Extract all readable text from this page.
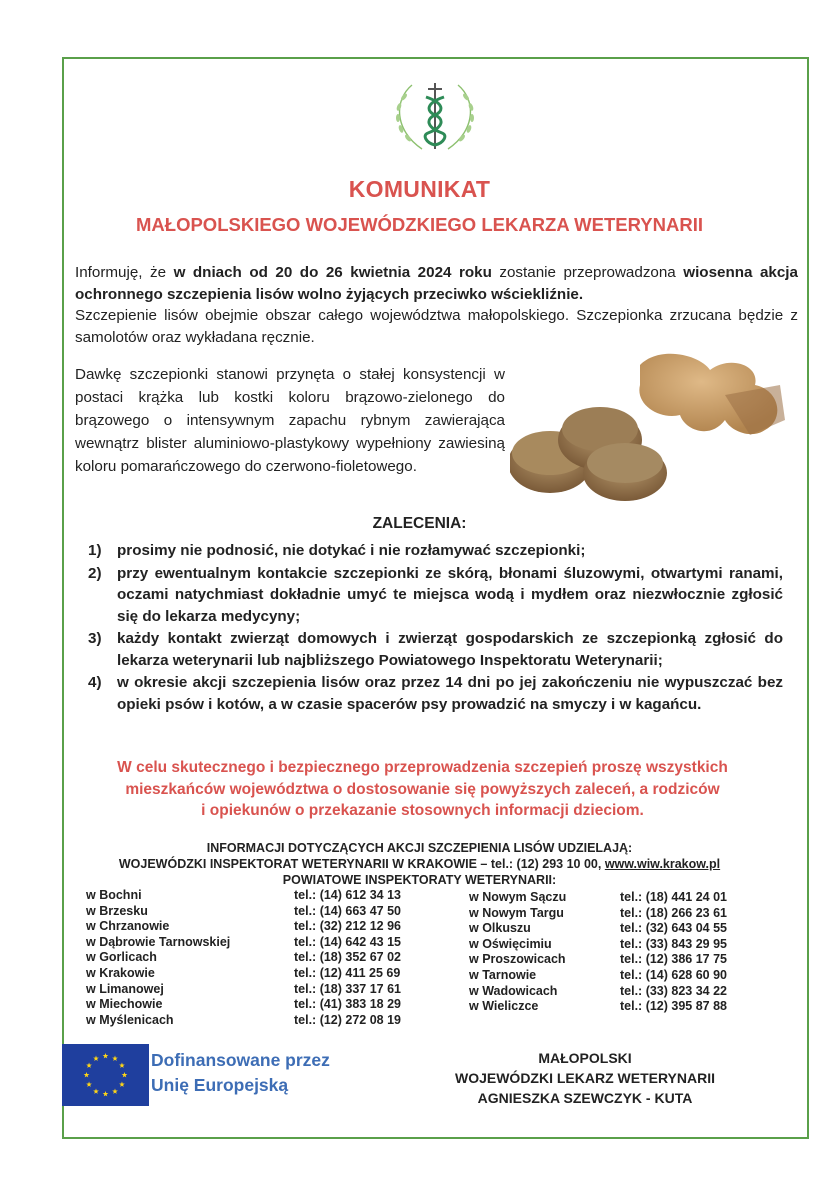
KOMUNIKAT
MAŁOPOLSKIEGO WOJEWÓDZKIEGO LEKARZA WETERYNARII

Informuję, że w dniach od 20 do 26 kwietnia 2024 roku zostanie przeprowadzona wiosenna akcja ochronnego szczepienia lisów wolno żyjących przeciwko wściekliźnie.

Szczepienie lisów obejmie obszar całego województwa małopolskiego. Szczepionka zrzucana będzie z samolotów oraz wykładana ręcznie.

Dawkę szczepionki stanowi przynęta o stałej konsystencji w postaci krążka lub kostki koloru brązowo-zielonego do brązowego o intensywnym zapachu rybnym zawierająca wewnątrz blister aluminiowo-plastykowy wypełniony zawiesiną koloru pomarańczowego do czerwono-fioletowego.

ZALECENIA:
1)	prosimy nie podnosić, nie dotykać i nie rozłamywać szczepionki;
2)	przy ewentualnym kontakcie szczepionki ze skórą, błonami śluzowymi, otwartymi ranami, oczami natychmiast dokładnie umyć te miejsca wodą i mydłem oraz niezwłocznie zgłosić się do lekarza medycyny;
3)	każdy kontakt zwierząt domowych i zwierząt gospodarskich ze szczepionką zgłosić do lekarza weterynarii lub najbliższego Powiatowego Inspektoratu Weterynarii;
4)	w okresie akcji szczepienia lisów oraz przez 14 dni po jej zakończeniu nie wypuszczać bez opieki psów i kotów, a w czasie spacerów psy prowadzić na smyczy i w kagańcu.

W celu skutecznego i bezpiecznego przeprowadzenia szczepień proszę wszystkich
mieszkańców województwa o dostosowanie się powyższych zaleceń, a rodziców
i opiekunów o przekazanie stosownych informacji dzieciom.

INFORMACJI DOTYCZĄCYCH AKCJI SZCZEPIENIA LISÓW UDZIELAJĄ:
WOJEWÓDZKI INSPEKTORAT WETERYNARII W KRAKOWIE – tel.: (12) 293 10 00, www.wiw.krakow.pl
POWIATOWE INSPEKTORATY WETERYNARII:
w Bochni	tel.: (14) 612 34 13
w Brzesku	tel.: (14) 663 47 50
w Chrzanowie	tel.: (32) 212 12 96
w Dąbrowie Tarnowskiej	tel.: (14) 642 43 15
w Gorlicach	tel.: (18) 352 67 02
w Krakowie	tel.: (12) 411 25 69
w Limanowej	tel.: (18) 337 17 61
w Miechowie	tel.: (41) 383 18 29
w Myślenicach	tel.: (12) 272 08 19
w Nowym Sączu	tel.: (18) 441 24 01
w Nowym Targu	tel.: (18) 266 23 61
w Olkuszu	tel.: (32) 643 04 55
w Oświęcimiu	tel.: (33) 843 29 95
w Proszowicach	tel.: (12) 386 17 75
w Tarnowie	tel.: (14) 628 60 90
w Wadowicach	tel.: (33) 823 34 22
w Wieliczce	tel.: (12) 395 87 88
Dofinansowane przez
Unię Europejską
MAŁOPOLSKI
WOJEWÓDZKI LEKARZ WETERYNARII
AGNIESZKA SZEWCZYK - KUTA
